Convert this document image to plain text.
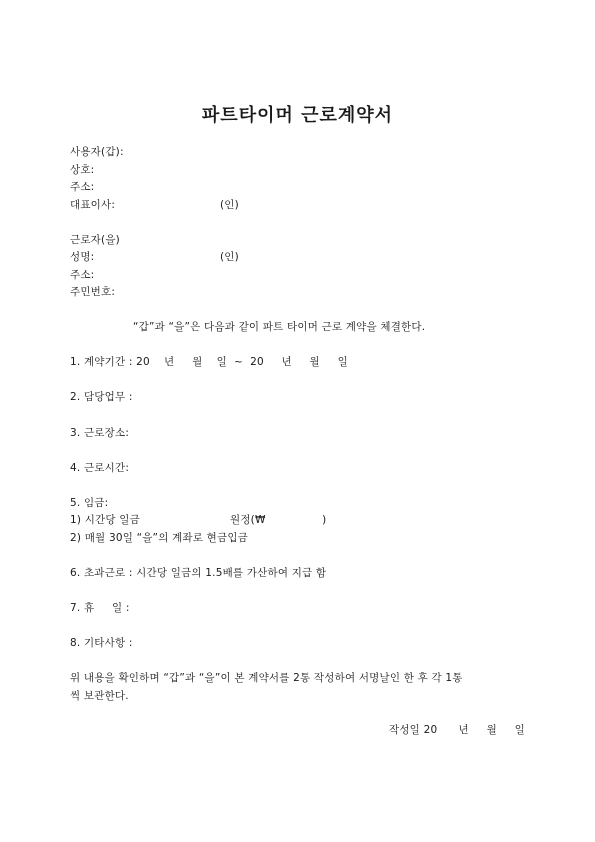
파트타이머 근로계약서
사용자(갑):
상호:
주소:
대표이사:	(인)
근로자(을)
성명:	(인)
주소:
주민번호:
“갑”과 “을”은 다음과 같이 파트 타이머 근로 계약을 체결한다.
1. 계약기간 : 20    년     월    일  ~  20     년     월     일
2. 담당업무 :
3. 근로장소:
4. 근로시간:
5. 임금:
1) 시간당 일금	원정(₩                )
2) 매월 30일 “을”의 계좌로 현금입금
6. 초과근로 : 시간당 일금의 1.5배를 가산하여 지급 함
7. 휴     일 :
8. 기타사항 :
위 내용을 확인하며 “갑”과 “을”이 본 계약서를 2통 작성하여 서명날인 한 후 각 1통
씩 보관한다.
작성일 20      년     월     일
